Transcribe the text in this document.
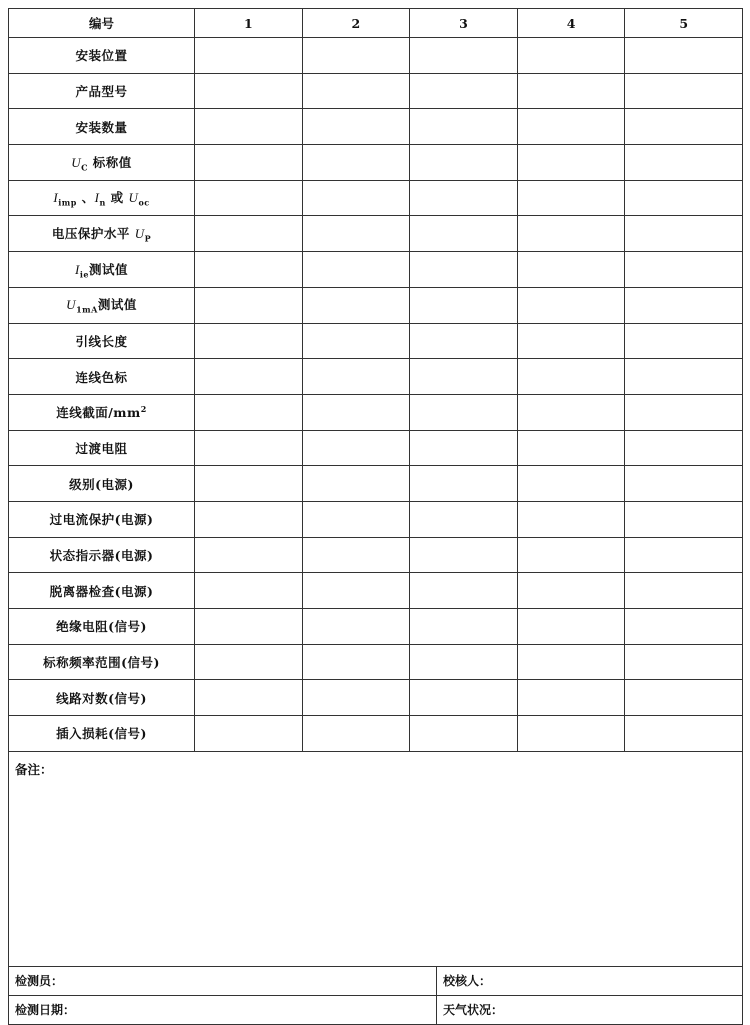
编号	1	2	3	4	5
安装位置					
产品型号					
安装数量					
$U_C$ 标称值					
$I_{imp}$ 、$I_n$ 或 $U_{oc}$					
电压保护水平 $U_P$					
$I_{ie}$测试值					
$U_{1mA}$测试值					
引线长度					
连线色标					
连线截面$/mm^2$					
过渡电阻					
级别(电源)					
过电流保护(电源)					
状态指示器(电源)					
脱离器检查(电源)					
绝缘电阻(信号)					
标称频率范围(信号)					
线路对数(信号)					
插入损耗(信号)					
备注：					
检测员：	校核人：
检测日期：	天气状况：
